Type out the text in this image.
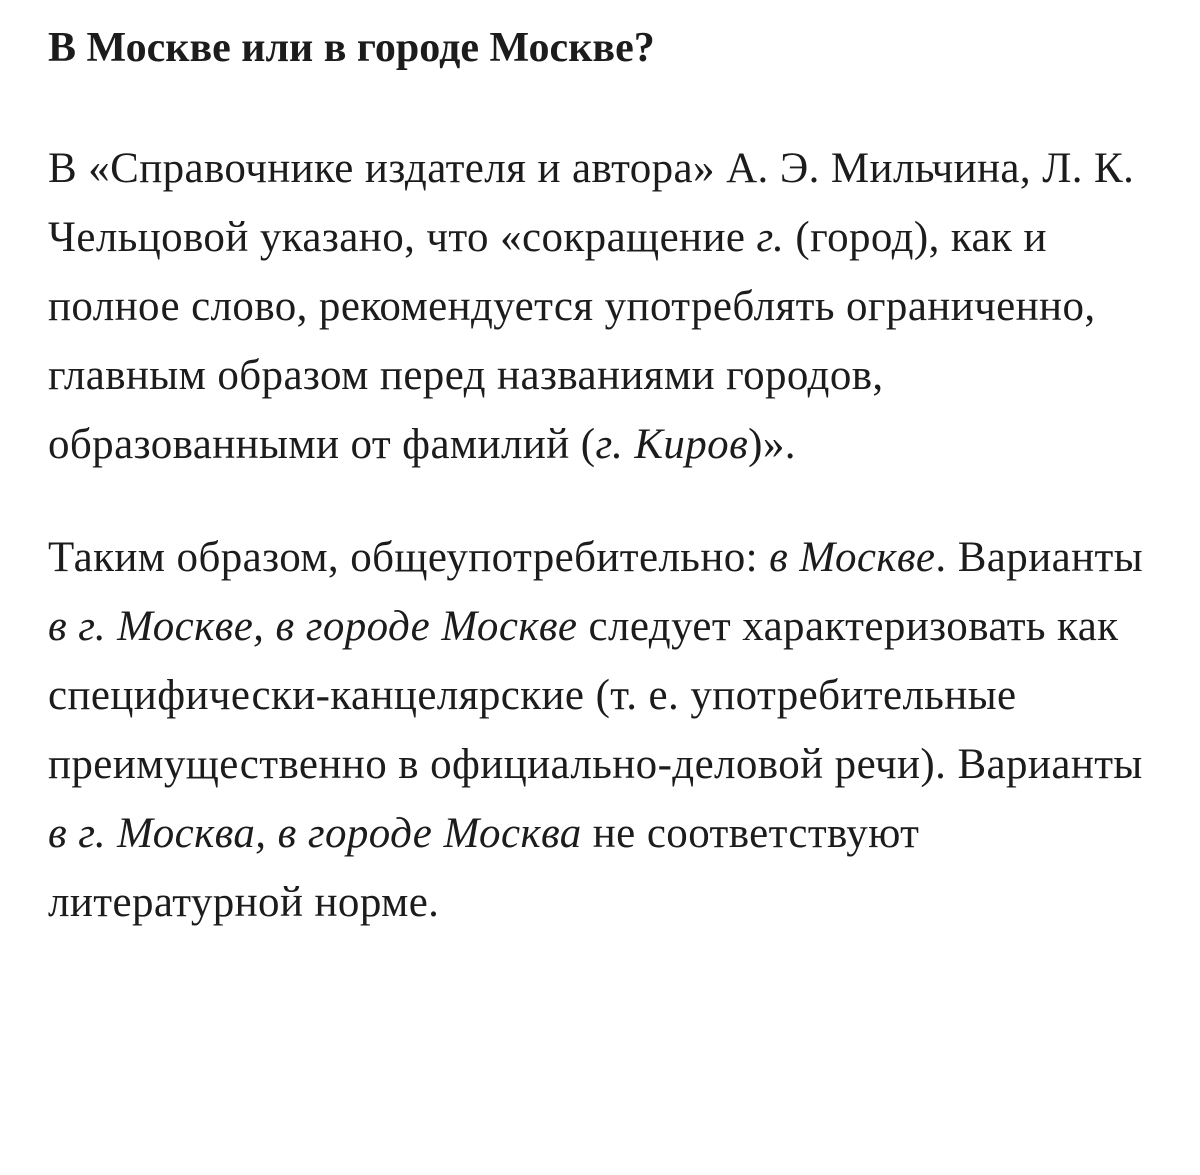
В Москве или в городе Москве?

В «Справочнике издателя и автора» А. Э. Мильчина, Л. К. Чельцовой указано, что «сокращение г. (город), как и полное слово, рекомендуется употреблять ограниченно, главным образом перед названиями городов, образованными от фамилий (г. Киров)».

Таким образом, общеупотребительно: в Москве. Варианты в г. Москве, в городе Москве следует характеризовать как специфически-канцелярские (т. е. употребительные преимущественно в официально-деловой речи). Варианты в г. Москва, в городе Москва не соответствуют литературной норме.
